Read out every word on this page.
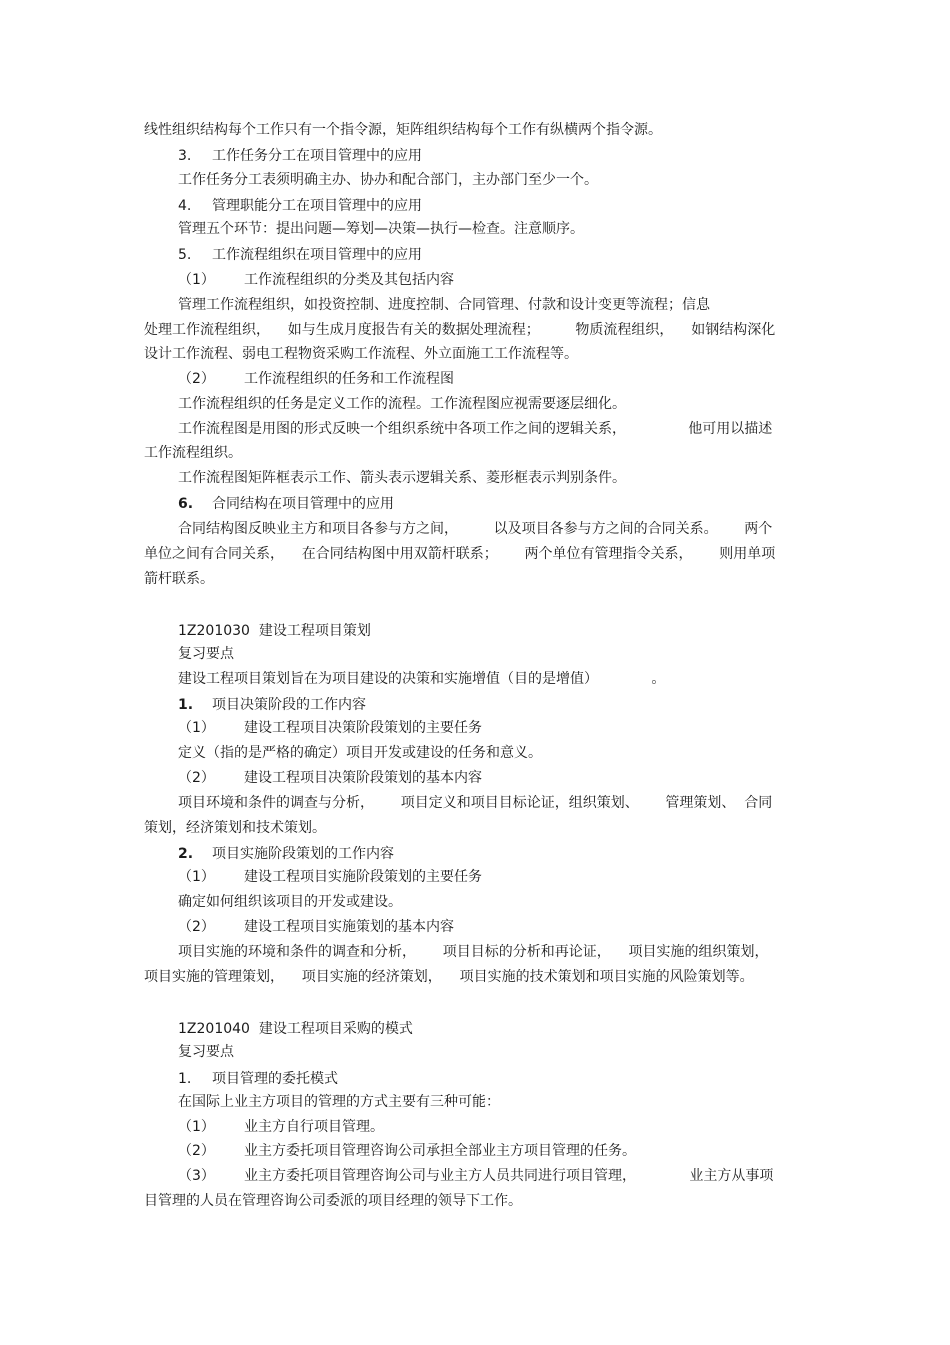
线性组织结构每个工作只有一个指令源，矩阵组织结构每个工作有纵横两个指令源。
3. 工作任务分工在项目管理中的应用
工作任务分工表须明确主办、协办和配合部门，主办部门至少一个。
4. 管理职能分工在项目管理中的应用
管理五个环节：提出问题—筹划—决策—执行—检查。注意顺序。
5. 工作流程组织在项目管理中的应用
（1） 工作流程组织的分类及其包括内容
管理工作流程组织，如投资控制、进度控制、合同管理、付款和设计变更等流程；信息
处理工作流程组织，    如与生成月度报告有关的数据处理流程；        物质流程组织，    如钢结构深化
设计工作流程、弱电工程物资采购工作流程、外立面施工工作流程等。
（2） 工作流程组织的任务和工作流程图
工作流程组织的任务是定义工作的流程。工作流程图应视需要逐层细化。
工作流程图是用图的形式反映一个组织系统中各项工作之间的逻辑关系，              他可用以描述
工作流程组织。
工作流程图矩阵框表示工作、箭头表示逻辑关系、菱形框表示判别条件。
6. 合同结构在项目管理中的应用
合同结构图反映业主方和项目各参与方之间，        以及项目各参与方之间的合同关系。      两个
单位之间有合同关系，    在合同结构图中用双箭杆联系；      两个单位有管理指令关系，      则用单项
箭杆联系。
1Z201030 建设工程项目策划
复习要点
建设工程项目策划旨在为项目建设的决策和实施增值（目的是增值）            。
1. 项目决策阶段的工作内容
（1） 建设工程项目决策阶段策划的主要任务
定义（指的是严格的确定）项目开发或建设的任务和意义。
（2） 建设工程项目决策阶段策划的基本内容
项目环境和条件的调查与分析，      项目定义和项目目标论证，组织策划、      管理策划、  合同
策划，经济策划和技术策划。
2. 项目实施阶段策划的工作内容
（1） 建设工程项目实施阶段策划的主要任务
确定如何组织该项目的开发或建设。
（2） 建设工程项目实施策划的基本内容
项目实施的环境和条件的调查和分析，      项目目标的分析和再论证，    项目实施的组织策划，
项目实施的管理策划，    项目实施的经济策划，    项目实施的技术策划和项目实施的风险策划等。
1Z201040 建设工程项目采购的模式
复习要点
1. 项目管理的委托模式
在国际上业主方项目的管理的方式主要有三种可能：
（1） 业主方自行项目管理。
（2） 业主方委托项目管理咨询公司承担全部业主方项目管理的任务。
（3） 业主方委托项目管理咨询公司与业主方人员共同进行项目管理，            业主方从事项
目管理的人员在管理咨询公司委派的项目经理的领导下工作。
